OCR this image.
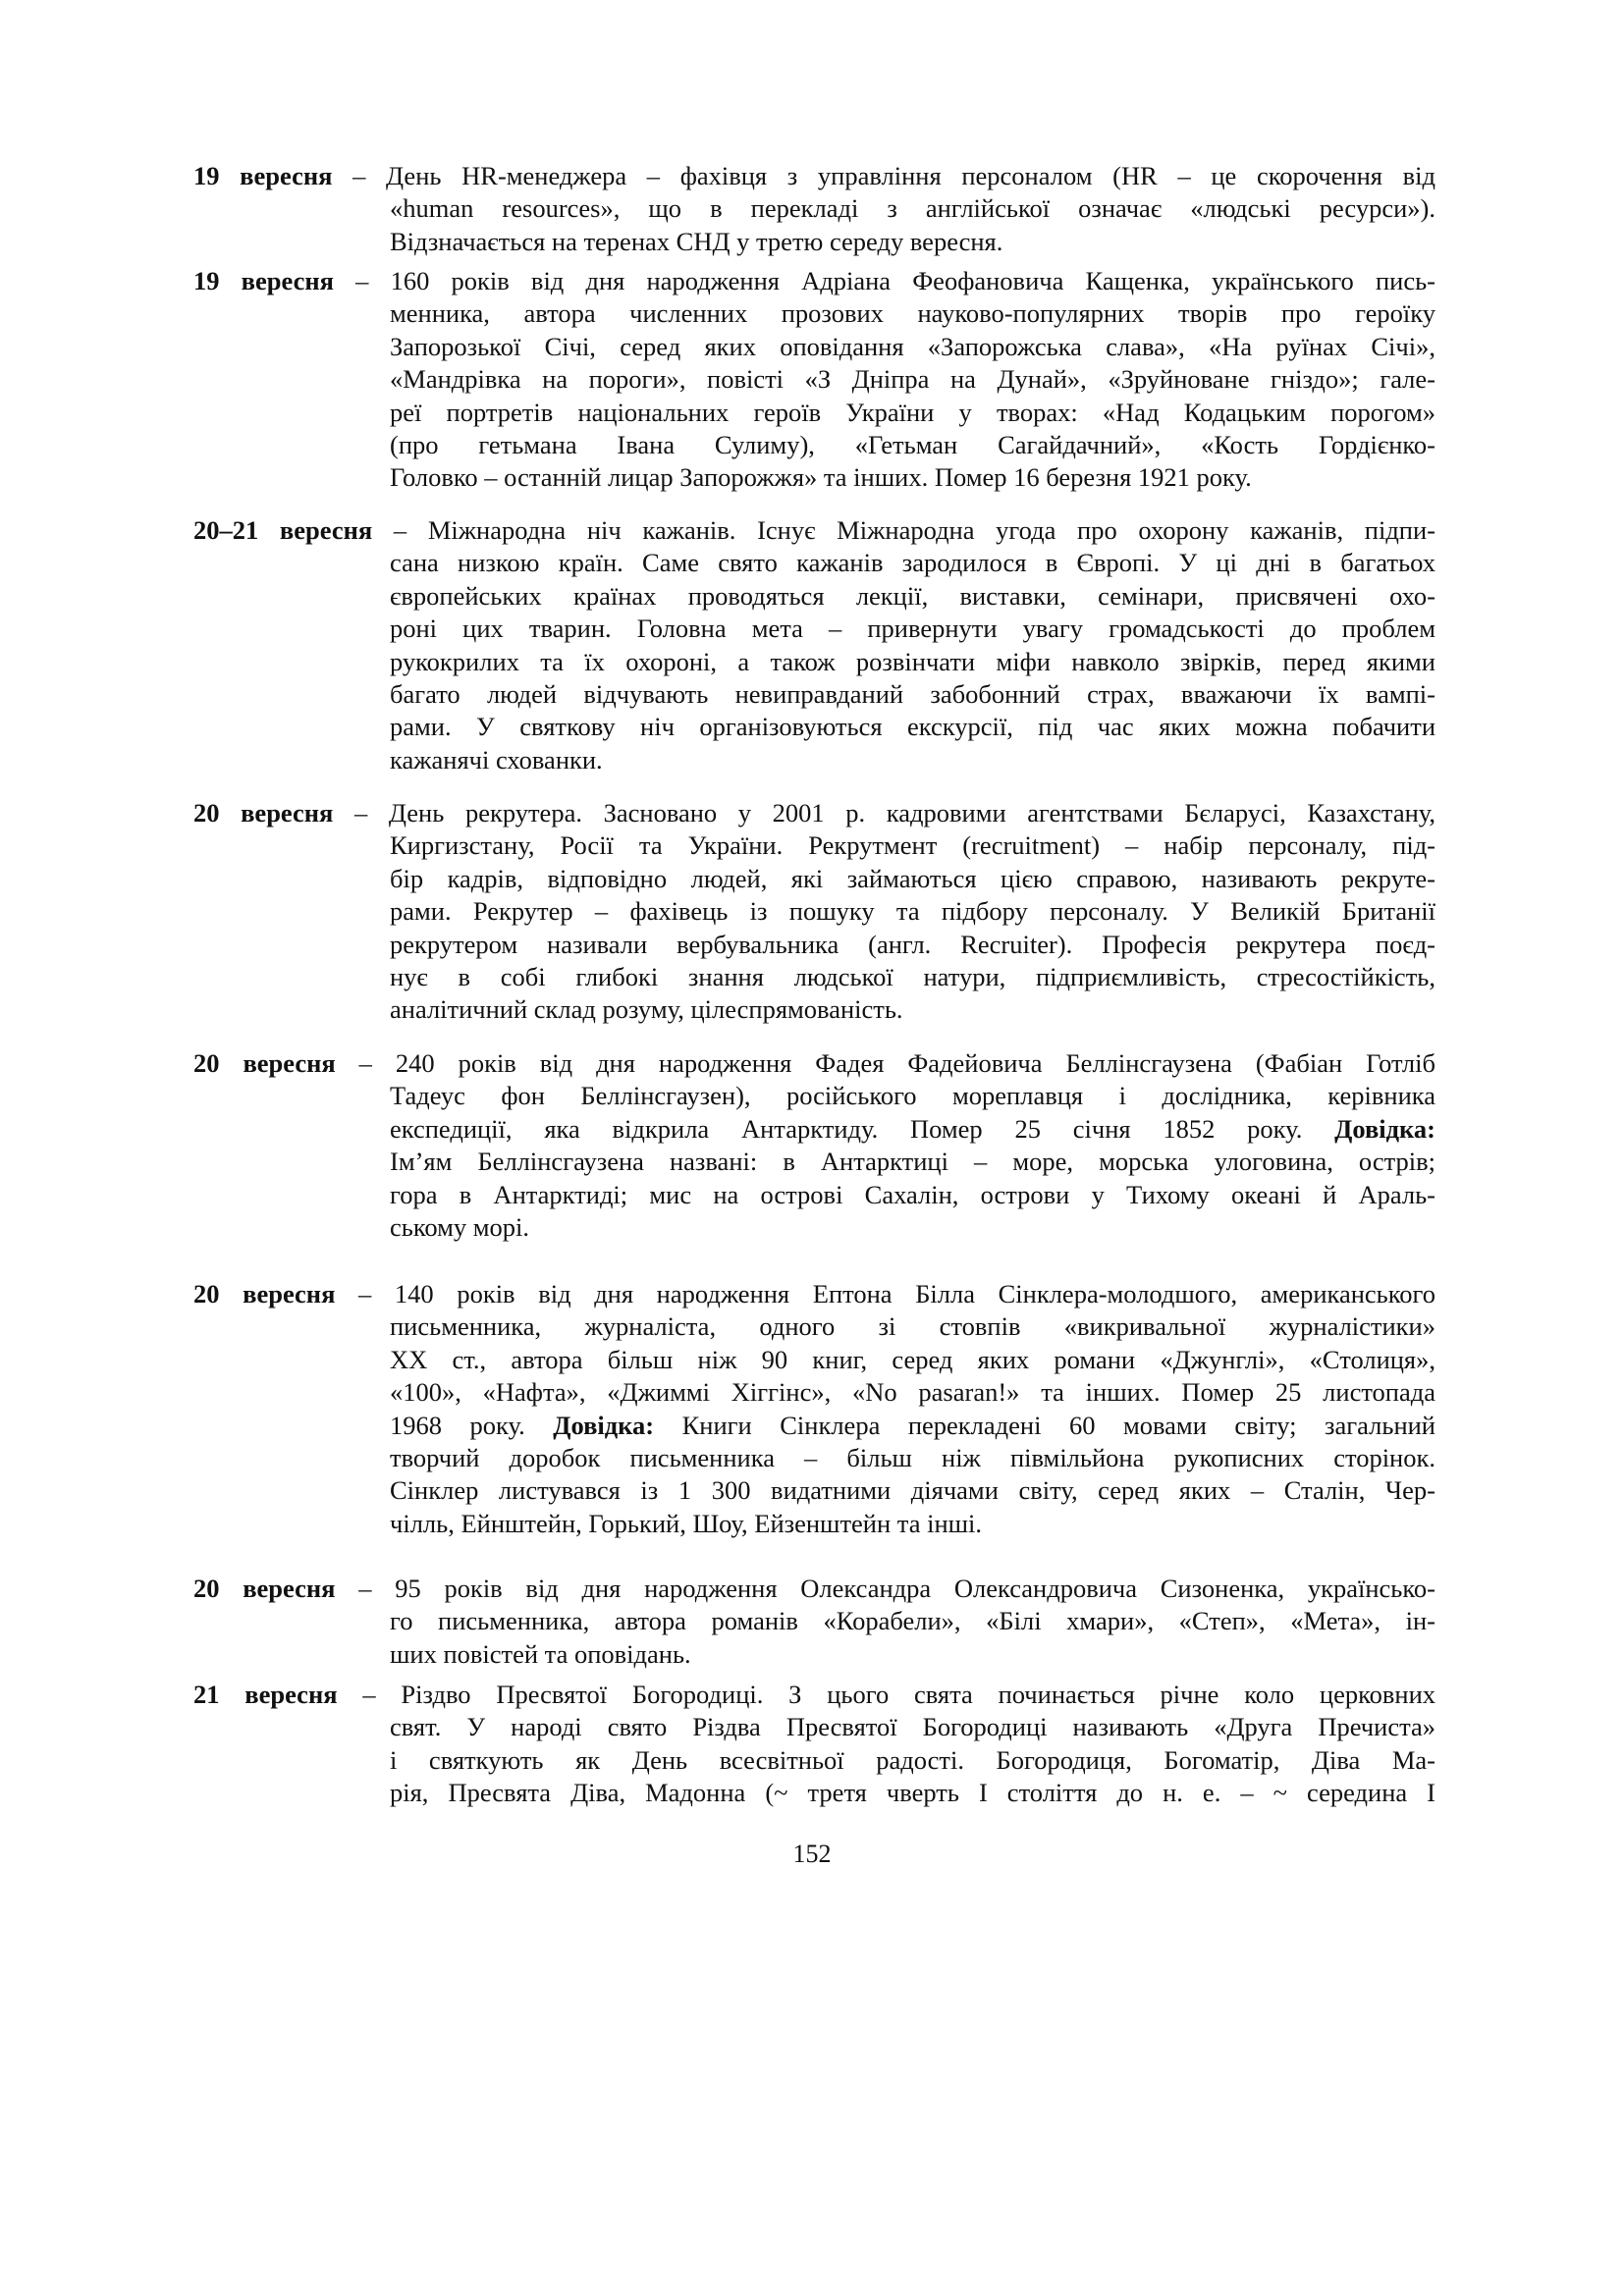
19 вересня – День HR-менеджера – фахівця з управління персоналом (HR – це скорочення від
«human resources», що в перекладі з англійської означає «людські ресурси»).
Відзначається на теренах СНД у третю середу вересня.
19 вересня – 160 років від дня народження Адріана Феофановича Кащенка, українського пись-
менника, автора численних прозових науково-популярних творів про героїку
Запорозької Січі, серед яких оповідання «Запорожська слава», «На руїнах Січі»,
«Мандрівка на пороги», повісті «З Дніпра на Дунай», «Зруйноване гніздо»; гале-
реї портретів національних героїв України у творах: «Над Кодацьким порогом»
(про гетьмана Івана Сулиму), «Гетьман Сагайдачний», «Кость Гордієнко-
Головко – останній лицар Запорожжя» та інших. Помер 16 березня 1921 року.
20–21 вересня – Міжнародна ніч кажанів. Існує Міжнародна угода про охорону кажанів, підпи-
сана низкою країн. Саме свято кажанів зародилося в Європі. У ці дні в багатьох
європейських країнах проводяться лекції, виставки, семінари, присвячені охо-
роні цих тварин. Головна мета – привернути увагу громадськості до проблем
рукокрилих та їх охороні, а також розвінчати міфи навколо звірків, перед якими
багато людей відчувають невиправданий забобонний страх, вважаючи їх вампі-
рами. У святкову ніч організовуються екскурсії, під час яких можна побачити
кажанячі схованки.
20 вересня – День рекрутера. Засновано у 2001 р. кадровими агентствами Бєларусі, Казахстану,
Киргизстану, Росії та України. Рекрутмент (recruitment) – набір персоналу, під-
бір кадрів, відповідно людей, які займаються цією справою, називають рекруте-
рами. Рекрутер – фахівець із пошуку та підбору персоналу. У Великій Британії
рекрутером називали вербувальника (англ. Recruiter). Професія рекрутера поєд-
нує в собі глибокі знання людської натури, підприємливість, стресостійкість,
аналітичний склад розуму, цілеспрямованість.
20 вересня – 240 років від дня народження Фадея Фадейовича Беллінсгаузена (Фабіан Готліб
Тадеус фон Беллінсгаузен), російського мореплавця і дослідника, керівника
експедиції, яка відкрила Антарктиду. Помер 25 січня 1852 року. Довідка:
Ім’ям Беллінсгаузена названі: в Антарктиці – море, морська улоговина, острів;
гора в Антарктиді; мис на острові Сахалін, острови у Тихому океані й Араль-
ському морі.
20 вересня – 140 років від дня народження Ептона Білла Сінклера-молодшого, американського
письменника, журналіста, одного зі стовпів «викривальної журналістики»
XX ст., автора більш ніж 90 книг, серед яких романи «Джунглі», «Столиця»,
«100», «Нафта», «Джиммі Хіггінс», «No pasaran!» та інших. Помер 25 листопада
1968 року. Довідка: Книги Сінклера перекладені 60 мовами світу; загальний
творчий доробок письменника – більш ніж півмільйона рукописних сторінок.
Сінклер листувався із 1 300 видатними діячами світу, серед яких – Сталін, Чер-
чілль, Ейнштейн, Горький, Шоу, Ейзенштейн та інші.
20 вересня – 95 років від дня народження Олександра Олександровича Сизоненка, українсько-
го письменника, автора романів «Корабели», «Білі хмари», «Степ», «Мета», ін-
ших повістей та оповідань.
21 вересня – Різдво Пресвятої Богородиці. З цього свята починається річне коло церковних
свят. У народі свято Різдва Пресвятої Богородиці називають «Друга Пречиста»
і святкують як День всесвітньої радості. Богородиця, Богоматір, Діва Ма-
рія, Пресвята Діва, Мадонна (~ третя чверть І століття до н. е. – ~ середина І
152
